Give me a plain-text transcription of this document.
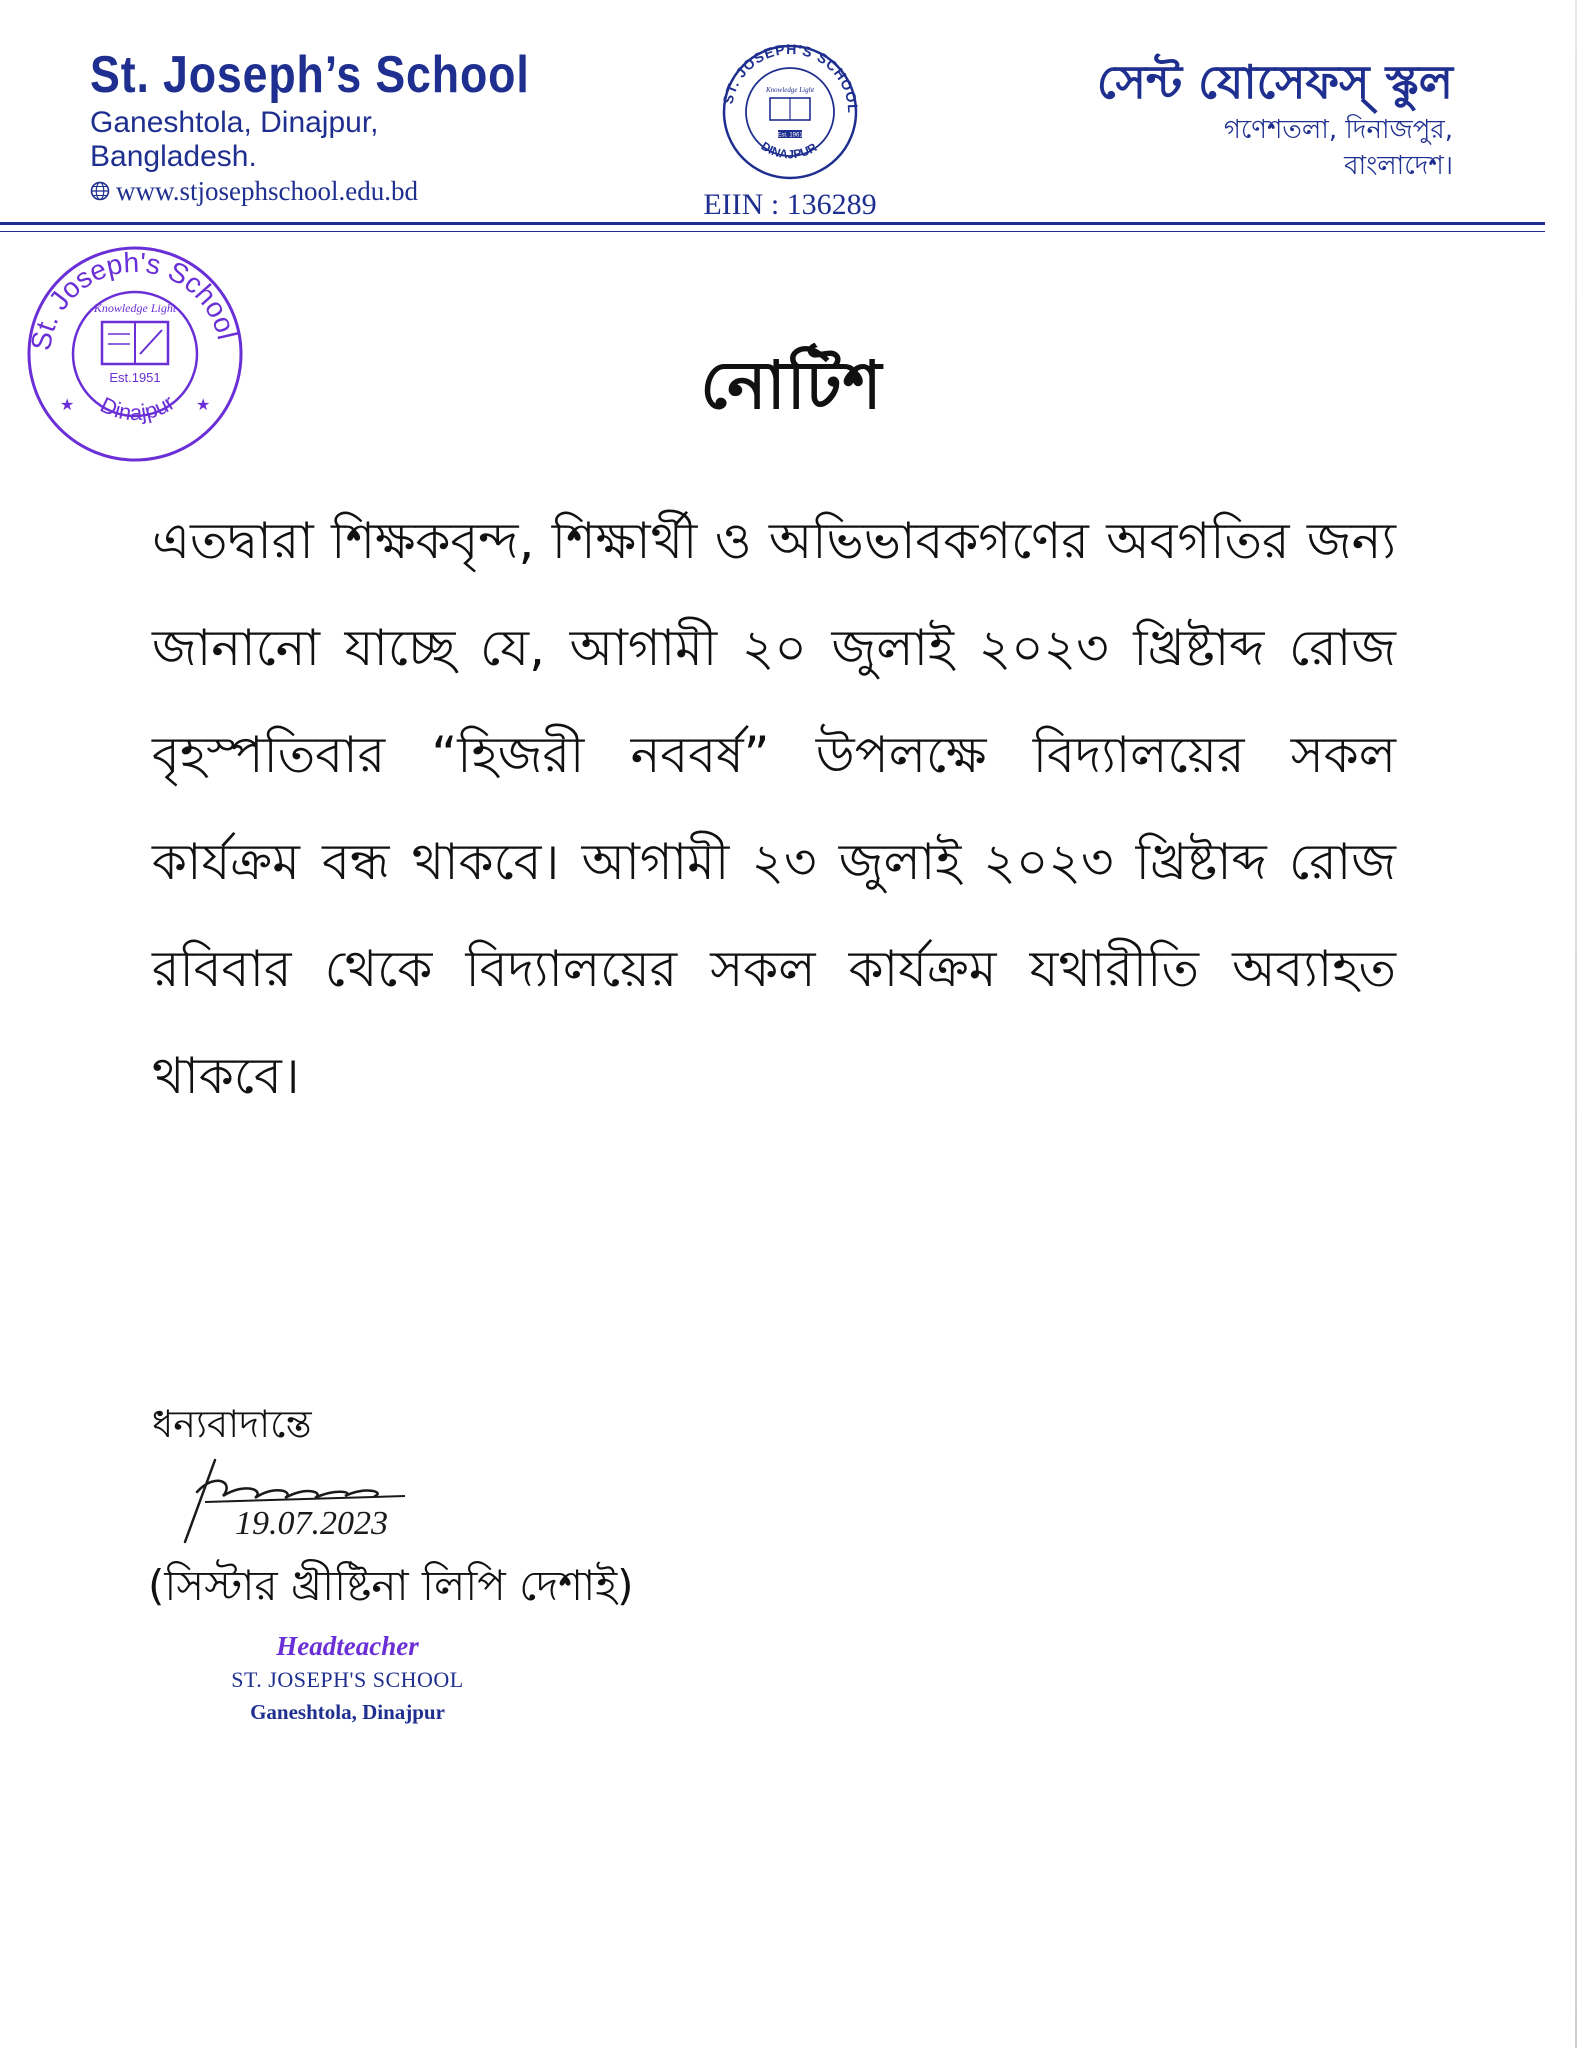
St. Joseph’s School
Ganeshtola, Dinajpur,
Bangladesh.
www.stjosephschool.edu.bd
ST. JOSEPH'S SCHOOL
DINAJPUR
Knowledge Light
Est. 1961
EIIN : 136289
সেন্ট যোসেফস্ স্কুল
গণেশতলা, দিনাজপুর,
বাংলাদেশ।
St. Joseph's School
Dinajpur
Knowledge Light
Est.1951
★	★	নোটিশ
এতদ্বারা শিক্ষকবৃন্দ, শিক্ষার্থী ও অভিভাবকগণের অবগতির জন্য জানানো যাচ্ছে যে, আগামী ২০ জুলাই ২০২৩ খ্রিষ্টাব্দ রোজ বৃহস্পতিবার “হিজরী নববর্ষ” উপলক্ষে বিদ্যালয়ের সকল কার্যক্রম বন্ধ থাকবে। আগামী ২৩ জুলাই ২০২৩ খ্রিষ্টাব্দ রোজ রবিবার থেকে বিদ্যালয়ের সকল কার্যক্রম যথারীতি অব্যাহত থাকবে।
ধন্যবাদান্তে
19.07.2023
(সিস্টার খ্রীষ্টিনা লিপি দেশাই)
Headteacher
ST. JOSEPH'S SCHOOL
Ganeshtola, Dinajpur
